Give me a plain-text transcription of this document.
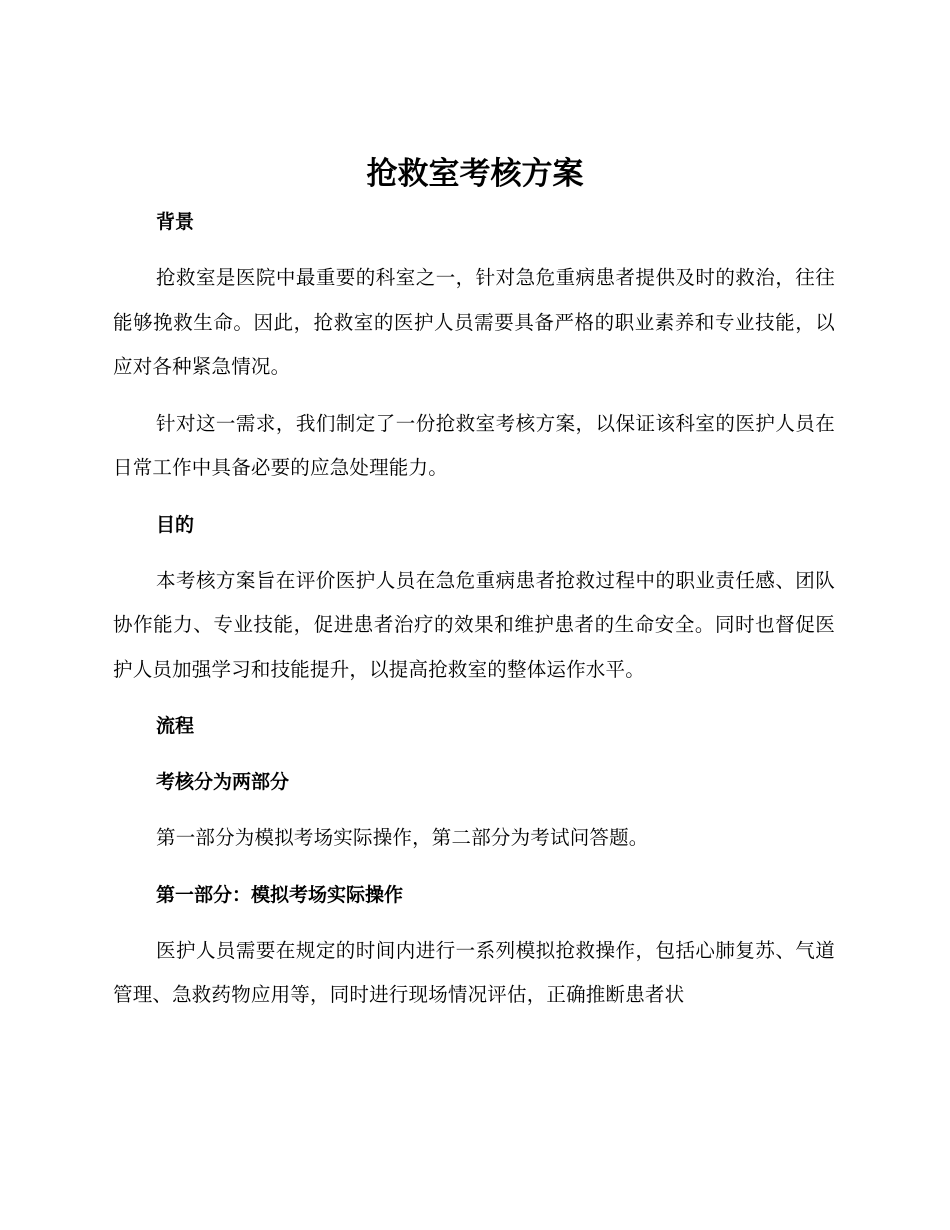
抢救室考核方案
背景

抢救室是医院中最重要的科室之一，针对急危重病患者提供及时的救治，往往能够挽救生命。因此，抢救室的医护人员需要具备严格的职业素养和专业技能，以应对各种紧急情况。

针对这一需求，我们制定了一份抢救室考核方案，以保证该科室的医护人员在日常工作中具备必要的应急处理能力。

目的

本考核方案旨在评价医护人员在急危重病患者抢救过程中的职业责任感、团队协作能力、专业技能，促进患者治疗的效果和维护患者的生命安全。同时也督促医护人员加强学习和技能提升，以提高抢救室的整体运作水平。

流程
考核分为两部分

第一部分为模拟考场实际操作，第二部分为考试问答题。

第一部分：模拟考场实际操作

医护人员需要在规定的时间内进行一系列模拟抢救操作，包括心肺复苏、气道管理、急救药物应用等，同时进行现场情况评估，正确推断患者状
